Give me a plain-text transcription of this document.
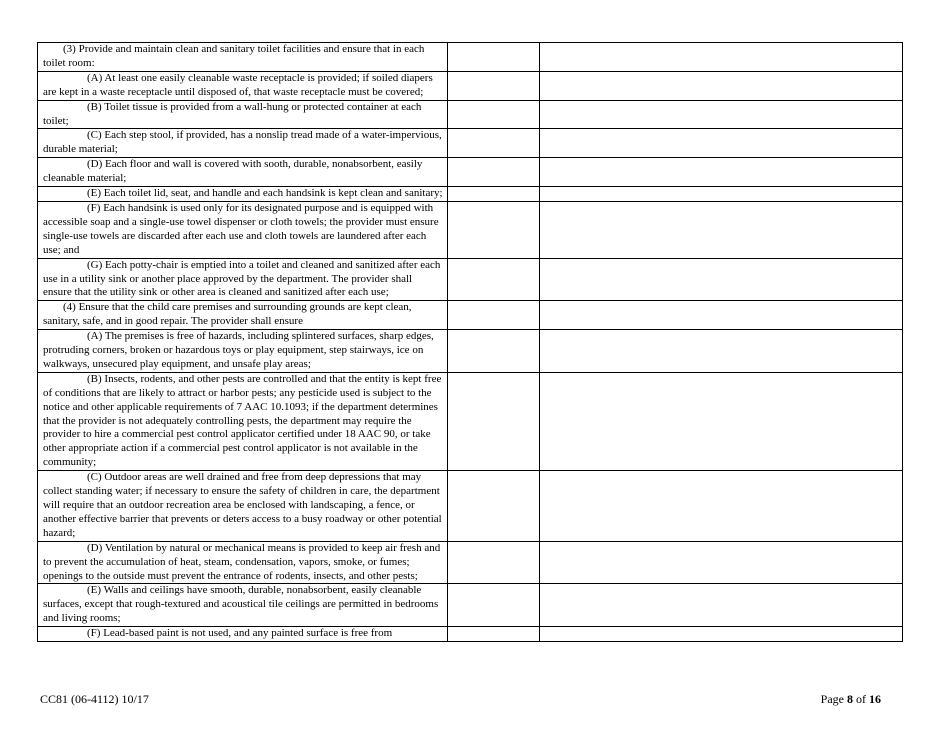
(3) Provide and maintain clean and sanitary toilet facilities and ensure that in each toilet room:		
(A) At least one easily cleanable waste receptacle is provided; if soiled diapers are kept in a waste receptacle until disposed of, that waste receptacle must be covered;		
(B) Toilet tissue is provided from a wall-hung or protected container at each toilet;		
(C) Each step stool, if provided, has a nonslip tread made of a water-impervious, durable material;		
(D) Each floor and wall is covered with sooth, durable, nonabsorbent, easily cleanable material;		
(E) Each toilet lid, seat, and handle and each handsink is kept clean and sanitary;		
(F) Each handsink is used only for its designated purpose and is equipped with accessible soap and a single-use towel dispenser or cloth towels; the provider must ensure single-use towels are discarded after each use and cloth towels are laundered after each use; and		
(G) Each potty-chair is emptied into a toilet and cleaned and sanitized after each use in a utility sink or another place approved by the department. The provider shall ensure that the utility sink or other area is cleaned and sanitized after each use;		
(4) Ensure that the child care premises and surrounding grounds are kept clean, sanitary, safe, and in good repair. The provider shall ensure		
(A) The premises is free of hazards, including splintered surfaces, sharp edges, protruding corners, broken or hazardous toys or play equipment, step stairways, ice on walkways, unsecured play equipment, and unsafe play areas;		
(B) Insects, rodents, and other pests are controlled and that the entity is kept free of conditions that are likely to attract or harbor pests; any pesticide used is subject to the notice and other applicable requirements of 7 AAC 10.1093; if the department determines that the provider is not adequately controlling pests, the department may require the provider to hire a commercial pest control applicator certified under 18 AAC 90, or take other appropriate action if a commercial pest control applicator is not available in the community;		
(C) Outdoor areas are well drained and free from deep depressions that may collect standing water; if necessary to ensure the safety of children in care, the department will require that an outdoor recreation area be enclosed with landscaping, a fence, or another effective barrier that prevents or deters access to a busy roadway or other potential hazard;		
(D) Ventilation by natural or mechanical means is provided to keep air fresh and to prevent the accumulation of heat, steam, condensation, vapors, smoke, or fumes; openings to the outside must prevent the entrance of rodents, insects, and other pests;		
(E) Walls and ceilings have smooth, durable, nonabsorbent, easily cleanable surfaces, except that rough-textured and acoustical tile ceilings are permitted in bedrooms and living rooms;		
(F) Lead-based paint is not used, and any painted surface is free from		
CC81 (06-4112) 10/17	Page 8 of 16
